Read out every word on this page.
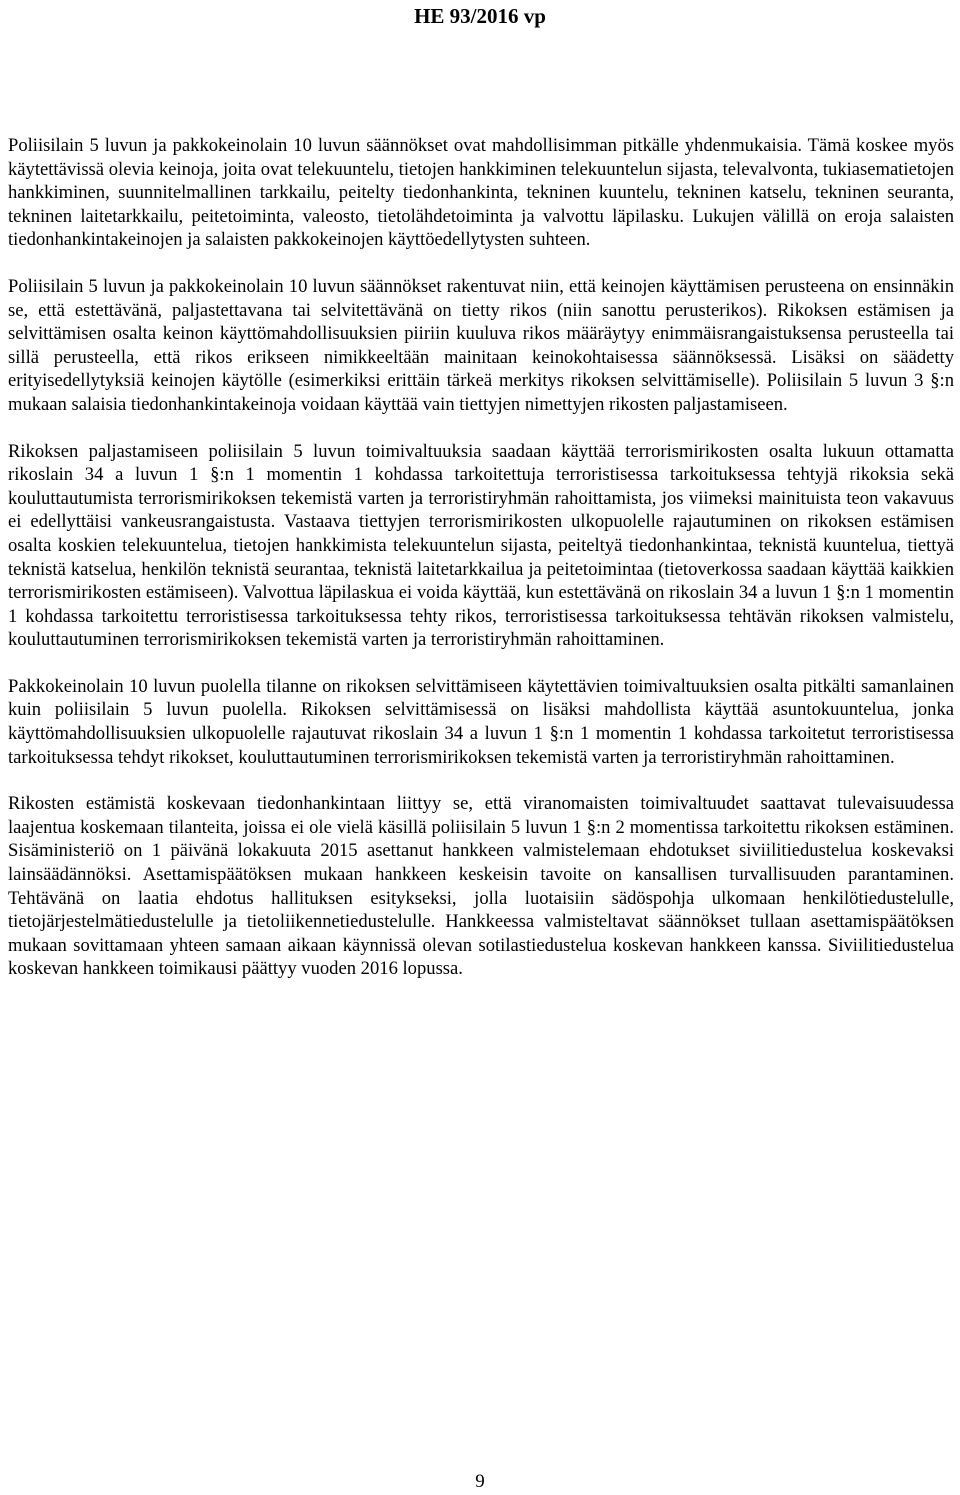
HE 93/2016 vp

Poliisilain 5 luvun ja pakkokeinolain 10 luvun säännökset ovat mahdollisimman pitkälle yhdenmukaisia. Tämä koskee myös käytettävissä olevia keinoja, joita ovat telekuuntelu, tietojen hankkiminen telekuuntelun sijasta, televalvonta, tukiasematietojen hankkiminen, suunnitelmallinen tarkkailu, peitelty tiedonhankinta, tekninen kuuntelu, tekninen katselu, tekninen seuranta, tekninen laitetarkkailu, peitetoiminta, valeosto, tietolähdetoiminta ja valvottu läpilasku. Lukujen välillä on eroja salaisten tiedonhankintakeinojen ja salaisten pakkokeinojen käyttöedellytysten suhteen.

Poliisilain 5 luvun ja pakkokeinolain 10 luvun säännökset rakentuvat niin, että keinojen käyttämisen perusteena on ensinnäkin se, että estettävänä, paljastettavana tai selvitettävänä on tietty rikos (niin sanottu perusterikos). Rikoksen estämisen ja selvittämisen osalta keinon käyttömahdollisuuksien piiriin kuuluva rikos määräytyy enimmäisrangaistuksensa perusteella tai sillä perusteella, että rikos erikseen nimikkeeltään mainitaan keinokohtaisessa säännöksessä. Lisäksi on säädetty erityisedellytyksiä keinojen käytölle (esimerkiksi erittäin tärkeä merkitys rikoksen selvittämiselle). Poliisilain 5 luvun 3 §:n mukaan salaisia tiedonhankintakeinoja voidaan käyttää vain tiettyjen nimettyjen rikosten paljastamiseen.

Rikoksen paljastamiseen poliisilain 5 luvun toimivaltuuksia saadaan käyttää terrorismirikosten osalta lukuun ottamatta rikoslain 34 a luvun 1 §:n 1 momentin 1 kohdassa tarkoitettuja terroristisessa tarkoituksessa tehtyjä rikoksia sekä kouluttautumista terrorismirikoksen tekemistä varten ja terroristiryhmän rahoittamista, jos viimeksi mainituista teon vakavuus ei edellyttäisi vankeusrangaistusta. Vastaava tiettyjen terrorismirikosten ulkopuolelle rajautuminen on rikoksen estämisen osalta koskien telekuuntelua, tietojen hankkimista telekuuntelun sijasta, peiteltyä tiedonhankintaa, teknistä kuuntelua, tiettyä teknistä katselua, henkilön teknistä seurantaa, teknistä laitetarkkailua ja peitetoimintaa (tietoverkossa saadaan käyttää kaikkien terrorismirikosten estämiseen). Valvottua läpilaskua ei voida käyttää, kun estettävänä on rikoslain 34 a luvun 1 §:n 1 momentin 1 kohdassa tarkoitettu terroristisessa tarkoituksessa tehty rikos, terroristisessa tarkoituksessa tehtävän rikoksen valmistelu, kouluttautuminen terrorismirikoksen tekemistä varten ja terroristiryhmän rahoittaminen.

Pakkokeinolain 10 luvun puolella tilanne on rikoksen selvittämiseen käytettävien toimivaltuuksien osalta pitkälti samanlainen kuin poliisilain 5 luvun puolella. Rikoksen selvittämisessä on lisäksi mahdollista käyttää asuntokuuntelua, jonka käyttömahdollisuuksien ulkopuolelle rajautuvat rikoslain 34 a luvun 1 §:n 1 momentin 1 kohdassa tarkoitetut terroristisessa tarkoituksessa tehdyt rikokset, kouluttautuminen terrorismirikoksen tekemistä varten ja terroristiryhmän rahoittaminen.

Rikosten estämistä koskevaan tiedonhankintaan liittyy se, että viranomaisten toimivaltuudet saattavat tulevaisuudessa laajentua koskemaan tilanteita, joissa ei ole vielä käsillä poliisilain 5 luvun 1 §:n 2 momentissa tarkoitettu rikoksen estäminen. Sisäministeriö on 1 päivänä lokakuuta 2015 asettanut hankkeen valmistelemaan ehdotukset siviilitiedustelua koskevaksi lainsäädännöksi. Asettamispäätöksen mukaan hankkeen keskeisin tavoite on kansallisen turvallisuuden parantaminen. Tehtävänä on laatia ehdotus hallituksen esitykseksi, jolla luotaisiin sädöspohja ulkomaan henkilötiedustelulle, tietojärjestelmätiedustelulle ja tietoliikennetiedustelulle. Hankkeessa valmisteltavat säännökset tullaan asettamispäätöksen mukaan sovittamaan yhteen samaan aikaan käynnissä olevan sotilastiedustelua koskevan hankkeen kanssa. Siviilitiedustelua koskevan hankkeen toimikausi päättyy vuoden 2016 lopussa.

9
